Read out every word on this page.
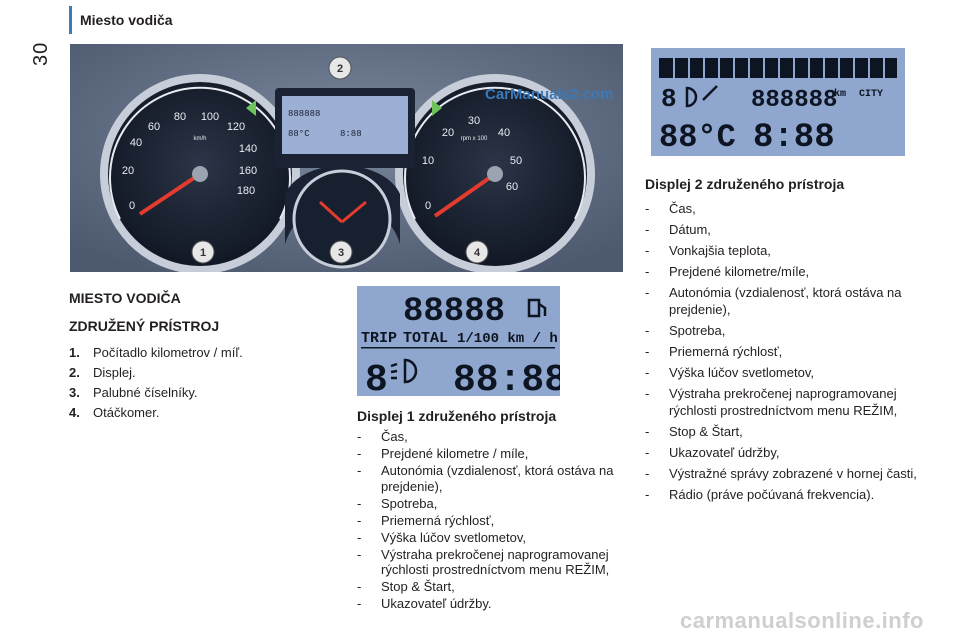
30
Miesto vodiča
0
20
40
60
80 100
120
140
160
180
km/h
0
10
20
30
40
50
60
rpm x 100
888888
88°C	8:88
CarManuals2.com
2
1	3	4
8	888888
km CITY
88°C 8:88
88888
TRIP TOTAL 1/100 km / h
8 88:88
MIESTO VODIČA
ZDRUŽENÝ PRÍSTROJ
1.	Počítadlo kilometrov / míľ.
2.	Displej.
3.	Palubné číselníky.
4.	Otáčkomer.	Displej 1 združeného prístroja
-	Čas,
-	Prejdené kilometre / míle,
-	Autonómia (vzdialenosť, ktorá ostáva na prejdenie),
-	Spotreba,
-	Priemerná rýchlosť,
-	Výška lúčov svetlometov,
-	Výstraha prekročenej naprogramovanej rýchlosti prostredníctvom menu REŽIM,
-	Stop & Štart,
-	Ukazovateľ údržby.
Displej 2 združeného prístroja
-	Čas,
-	Dátum,
-	Vonkajšia teplota,
-	Prejdené kilometre/míle,
-	Autonómia (vzdialenosť, ktorá ostáva na prejdenie),
-	Spotreba,
-	Priemerná rýchlosť,
-	Výška lúčov svetlometov,
-	Výstraha prekročenej naprogramovanej rýchlosti prostredníctvom menu REŽIM,
-	Stop & Štart,
-	Ukazovateľ údržby,
-	Výstražné správy zobrazené v hornej časti,
-	Rádio (práve počúvaná frekvencia).
carmanualsonline.info
